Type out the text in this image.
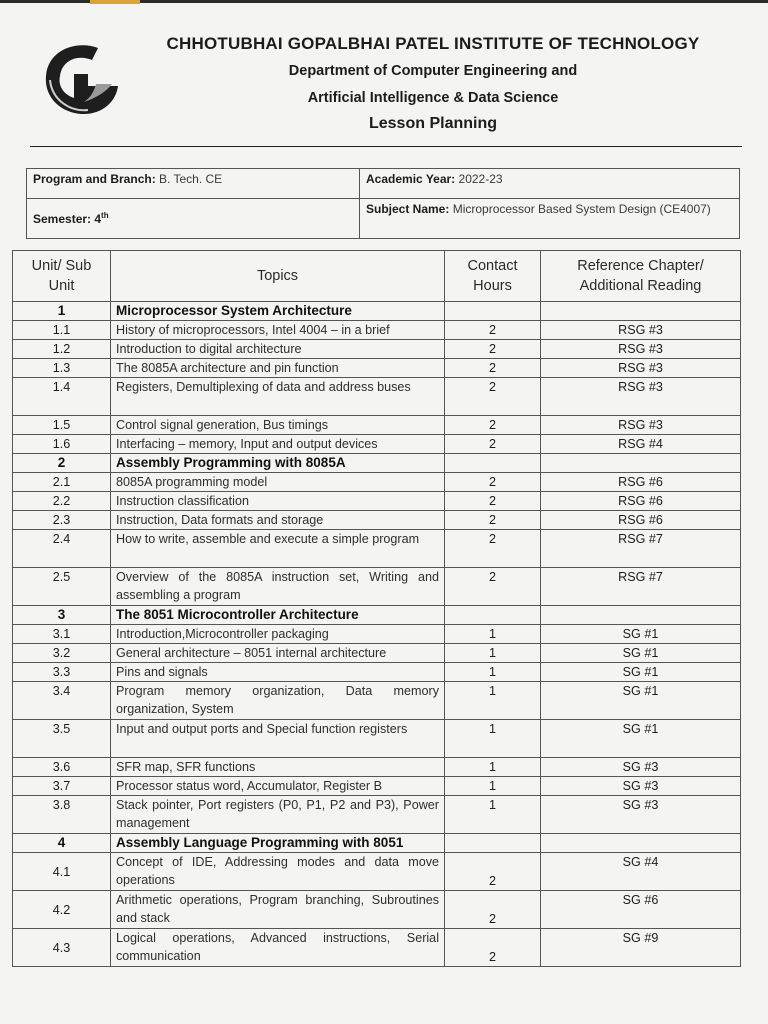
CHHOTUBHAI GOPALBHAI PATEL INSTITUTE OF TECHNOLOGY
Department of Computer Engineering and
Artificial Intelligence & Data Science
Lesson Planning
Program and Branch: B. Tech. CE	Academic Year: 2022-23
Semester: 4th	Subject Name: Microprocessor Based System Design (CE4007)
Unit/ Sub Unit	Topics	Contact Hours	Reference Chapter/ Additional Reading
1	Microprocessor System Architecture		
1.1	History of microprocessors, Intel 4004 – in a brief	2	RSG #3
1.2	Introduction to digital architecture	2	RSG #3
1.3	The 8085A architecture and pin function	2	RSG #3
1.4	Registers, Demultiplexing of data and address buses	2	RSG #3
1.5	Control signal generation, Bus timings	2	RSG #3
1.6	Interfacing – memory, Input and output devices	2	RSG #4
2	Assembly Programming with 8085A		
2.1	8085A programming model	2	RSG #6
2.2	Instruction classification	2	RSG #6
2.3	Instruction, Data formats and storage	2	RSG #6
2.4	How to write, assemble and execute a simple program	2	RSG #7
2.5	Overview of the 8085A instruction set, Writing and assembling a program	2	RSG #7
3	The 8051 Microcontroller Architecture		
3.1	Introduction,Microcontroller packaging	1	SG #1
3.2	General architecture – 8051 internal architecture	1	SG #1
3.3	Pins and signals	1	SG #1
3.4	Program memory organization, Data memory organization, System	1	SG #1
3.5	Input and output ports and Special function registers	1	SG #1
3.6	SFR map, SFR functions	1	SG #3
3.7	Processor status word, Accumulator, Register B	1	SG #3
3.8	Stack pointer, Port registers (P0, P1, P2 and P3), Power management	1	SG #3
4	Assembly Language Programming with 8051		
4.1	Concept of IDE, Addressing modes and data move operations	2	SG #4
4.2	Arithmetic operations, Program branching, Subroutines and stack	2	SG #6
4.3	Logical operations, Advanced instructions, Serial communication	2	SG #9
